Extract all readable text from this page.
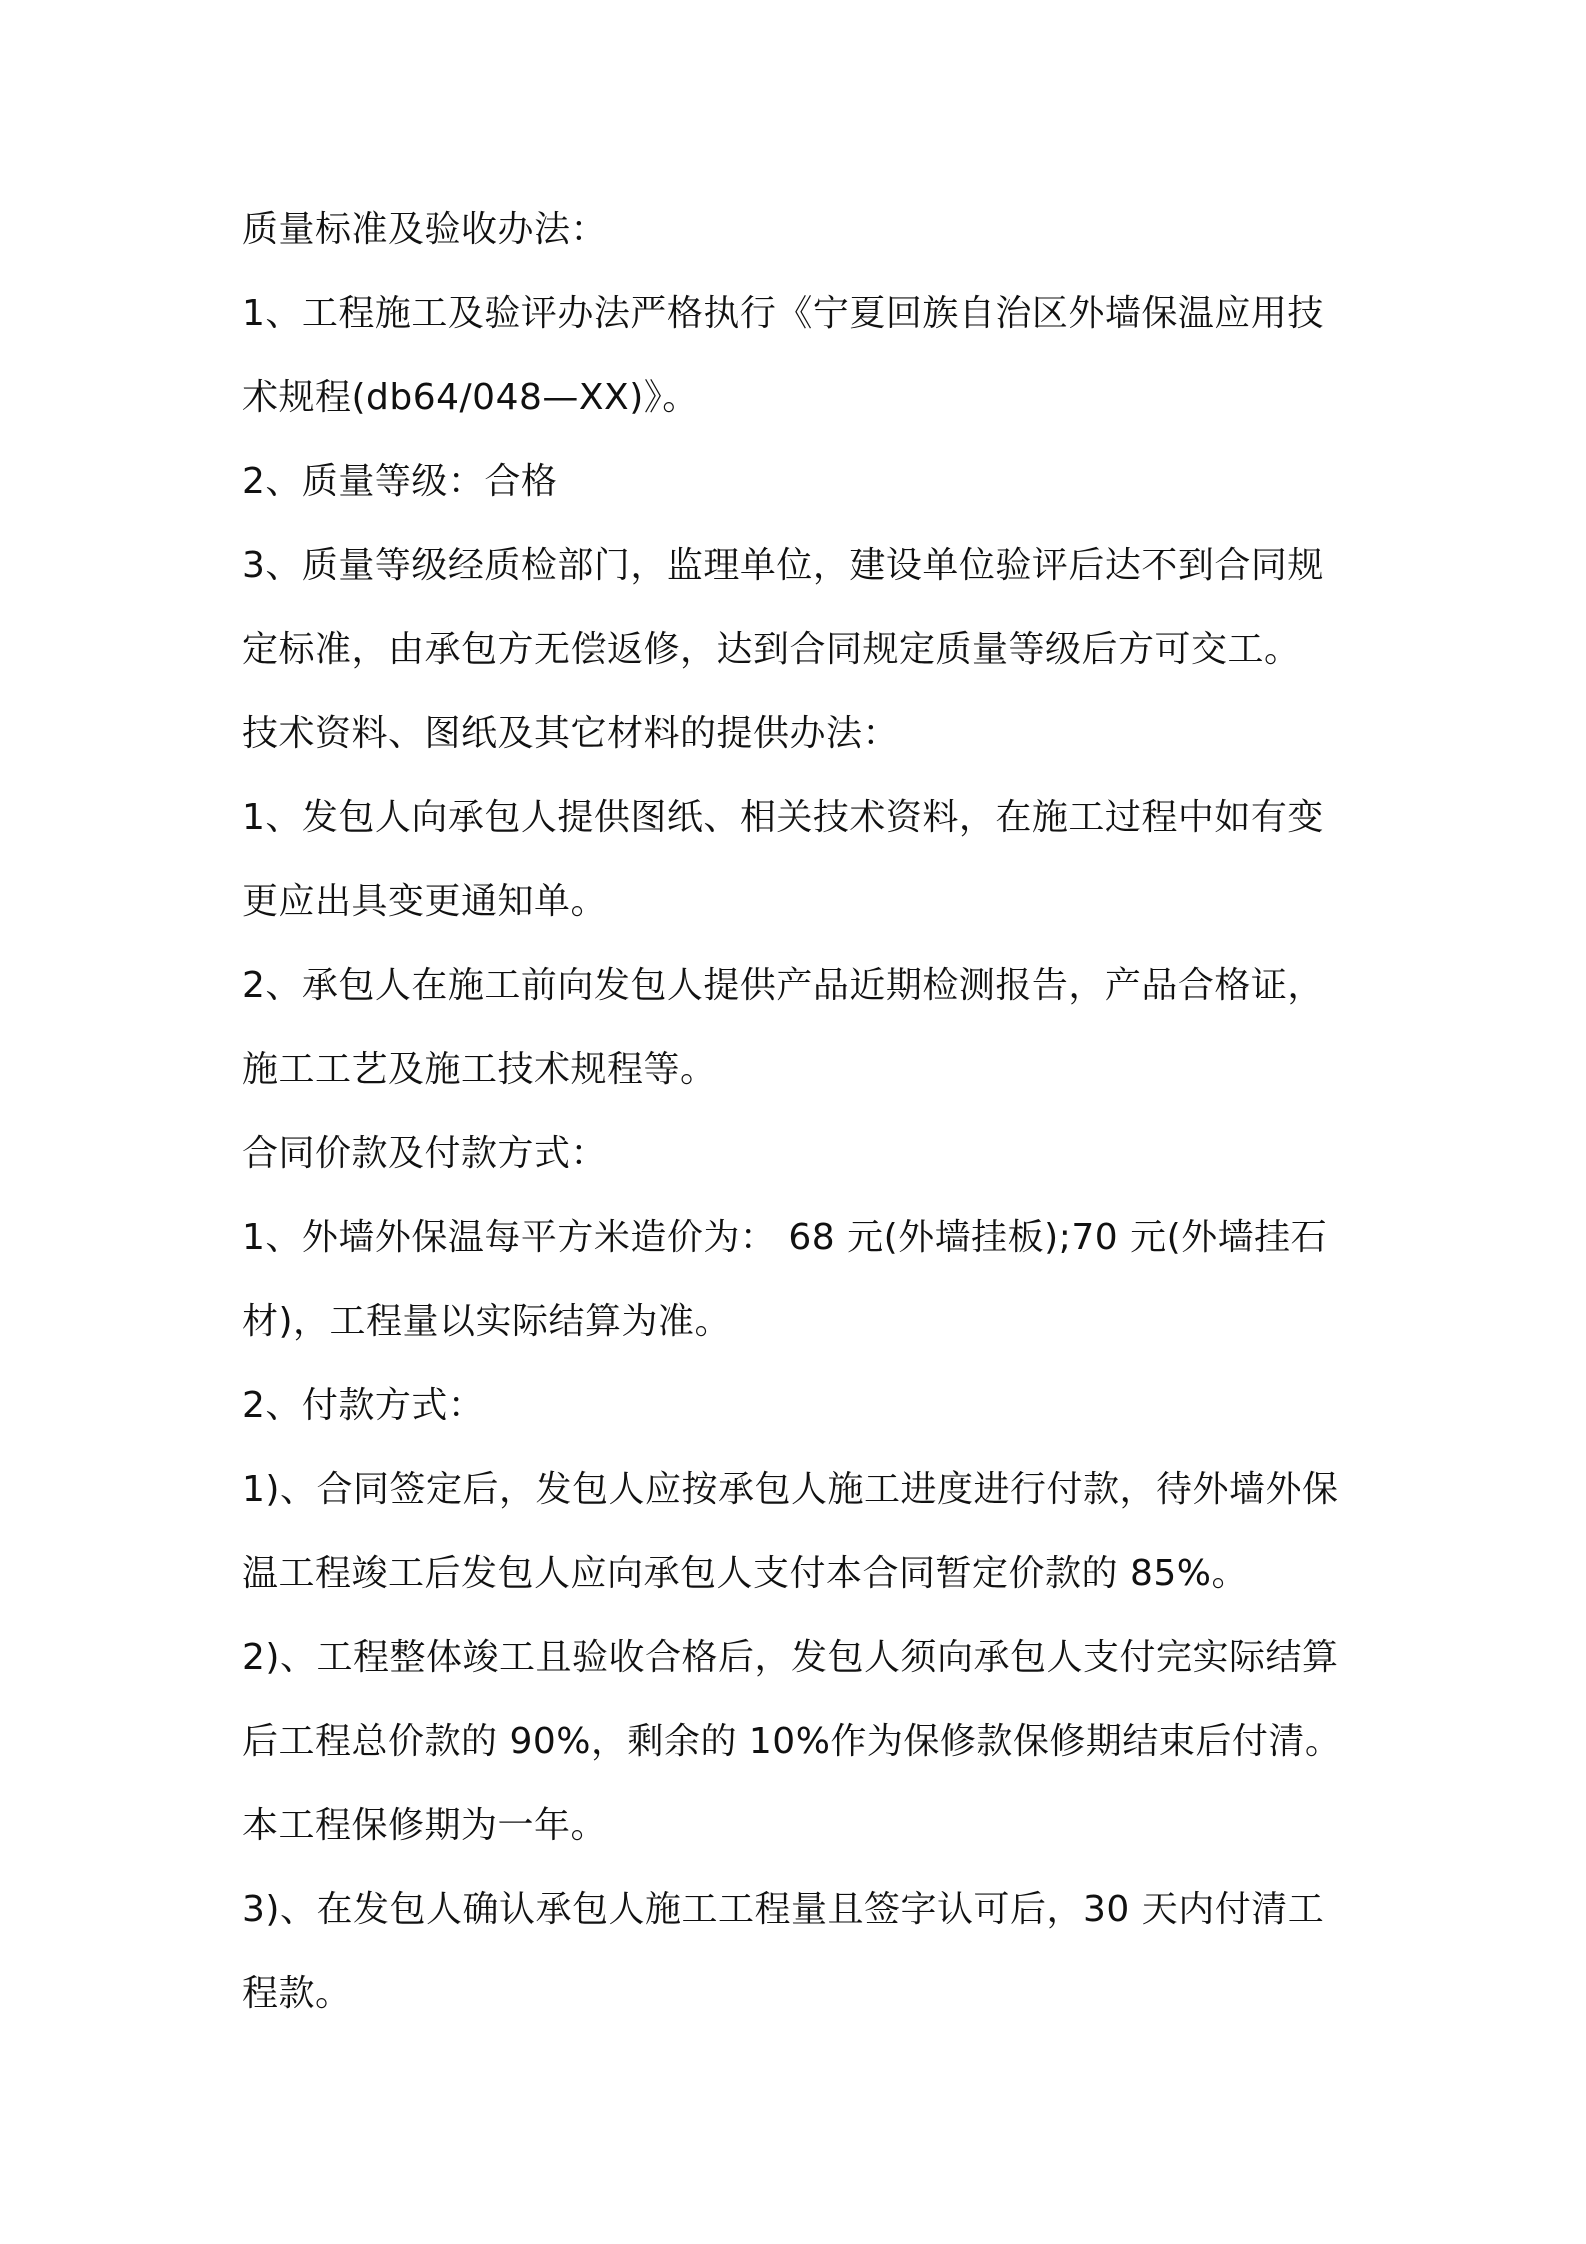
质量标准及验收办法：
1、工程施工及验评办法严格执行《宁夏回族自治区外墙保温应用技
术规程(db64/048—XX)》。
2、质量等级：合格
3、质量等级经质检部门，监理单位，建设单位验评后达不到合同规
定标准，由承包方无偿返修，达到合同规定质量等级后方可交工。
技术资料、图纸及其它材料的提供办法：
1、发包人向承包人提供图纸、相关技术资料，在施工过程中如有变
更应出具变更通知单。
2、承包人在施工前向发包人提供产品近期检测报告，产品合格证，
施工工艺及施工技术规程等。
合同价款及付款方式：
1、外墙外保温每平方米造价为： 68 元(外墙挂板);70 元(外墙挂石
材)，工程量以实际结算为准。
2、付款方式：
1)、合同签定后，发包人应按承包人施工进度进行付款，待外墙外保
温工程竣工后发包人应向承包人支付本合同暂定价款的 85%。
2)、工程整体竣工且验收合格后，发包人须向承包人支付完实际结算
后工程总价款的 90%，剩余的 10%作为保修款保修期结束后付清。
本工程保修期为一年。
3)、在发包人确认承包人施工工程量且签字认可后，30 天内付清工
程款。
